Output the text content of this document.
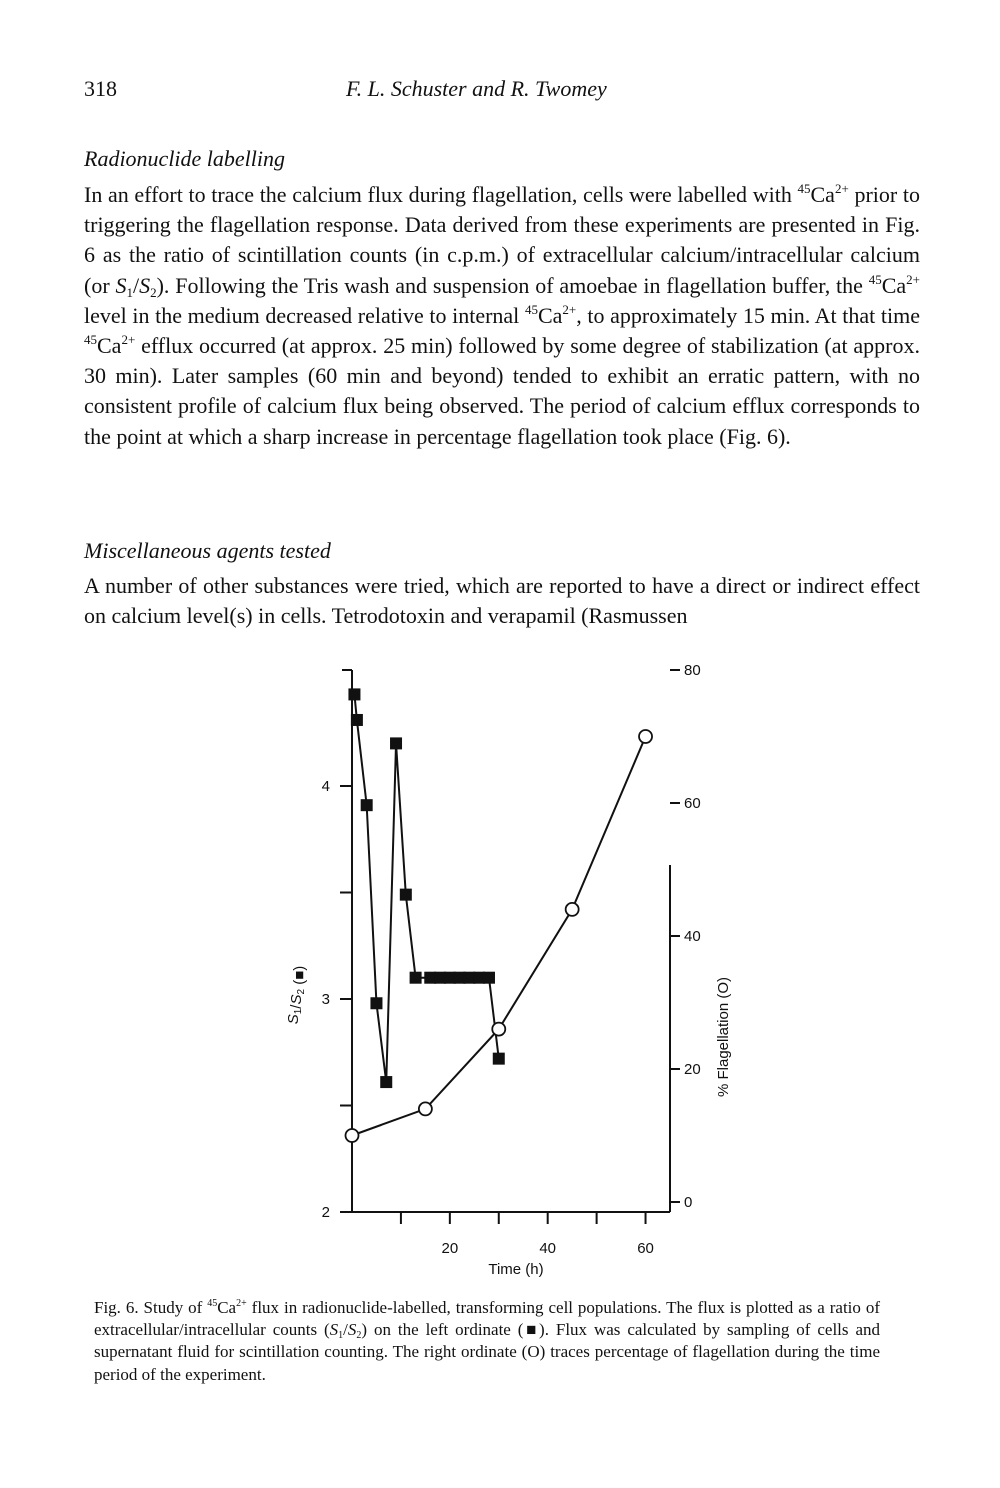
318	F. L. Schuster and R. Twomey
Radionuclide labelling

In an effort to trace the calcium flux during flagellation, cells were labelled with $^{45}Ca^{2+}$ prior to triggering the flagellation response. Data derived from these experiments are presented in Fig. 6 as the ratio of scintillation counts (in c.p.m.) of extracellular calcium/intracellular calcium (or $S_1/S_2$). Following the Tris wash and suspension of amoebae in flagellation buffer, the $^{45}Ca^{2+}$ level in the medium decreased relative to internal $^{45}Ca^{2+}$, to approximately 15 min. At that time $^{45}Ca^{2+}$ efflux occurred (at approx. 25 min) followed by some degree of stabilization (at approx. 30 min). Later samples (60 min and beyond) tended to exhibit an erratic pattern, with no consistent profile of calcium flux being observed. The period of calcium efflux corresponds to the point at which a sharp increase in percentage flagellation took place (Fig. 6).

Miscellaneous agents tested

A number of other substances were tried, which are reported to have a direct or indirect effect on calcium level(s) in cells. Tetrodotoxin and verapamil (Rasmussen

2
3
4
0
20
40
60
80
20	40	60
Time (h)
% Flagellation (O)
$S_1/S_2$ (■)

Fig. 6. Study of $^{45}Ca^{2+}$ flux in radionuclide-labelled, transforming cell populations. The flux is plotted as a ratio of extracellular/intracellular counts $(S_1/S_2)$ on the left ordinate (■). Flux was calculated by sampling of cells and supernatant fluid for scintillation counting. The right ordinate (O) traces percentage of flagellation during the time period of the experiment.
